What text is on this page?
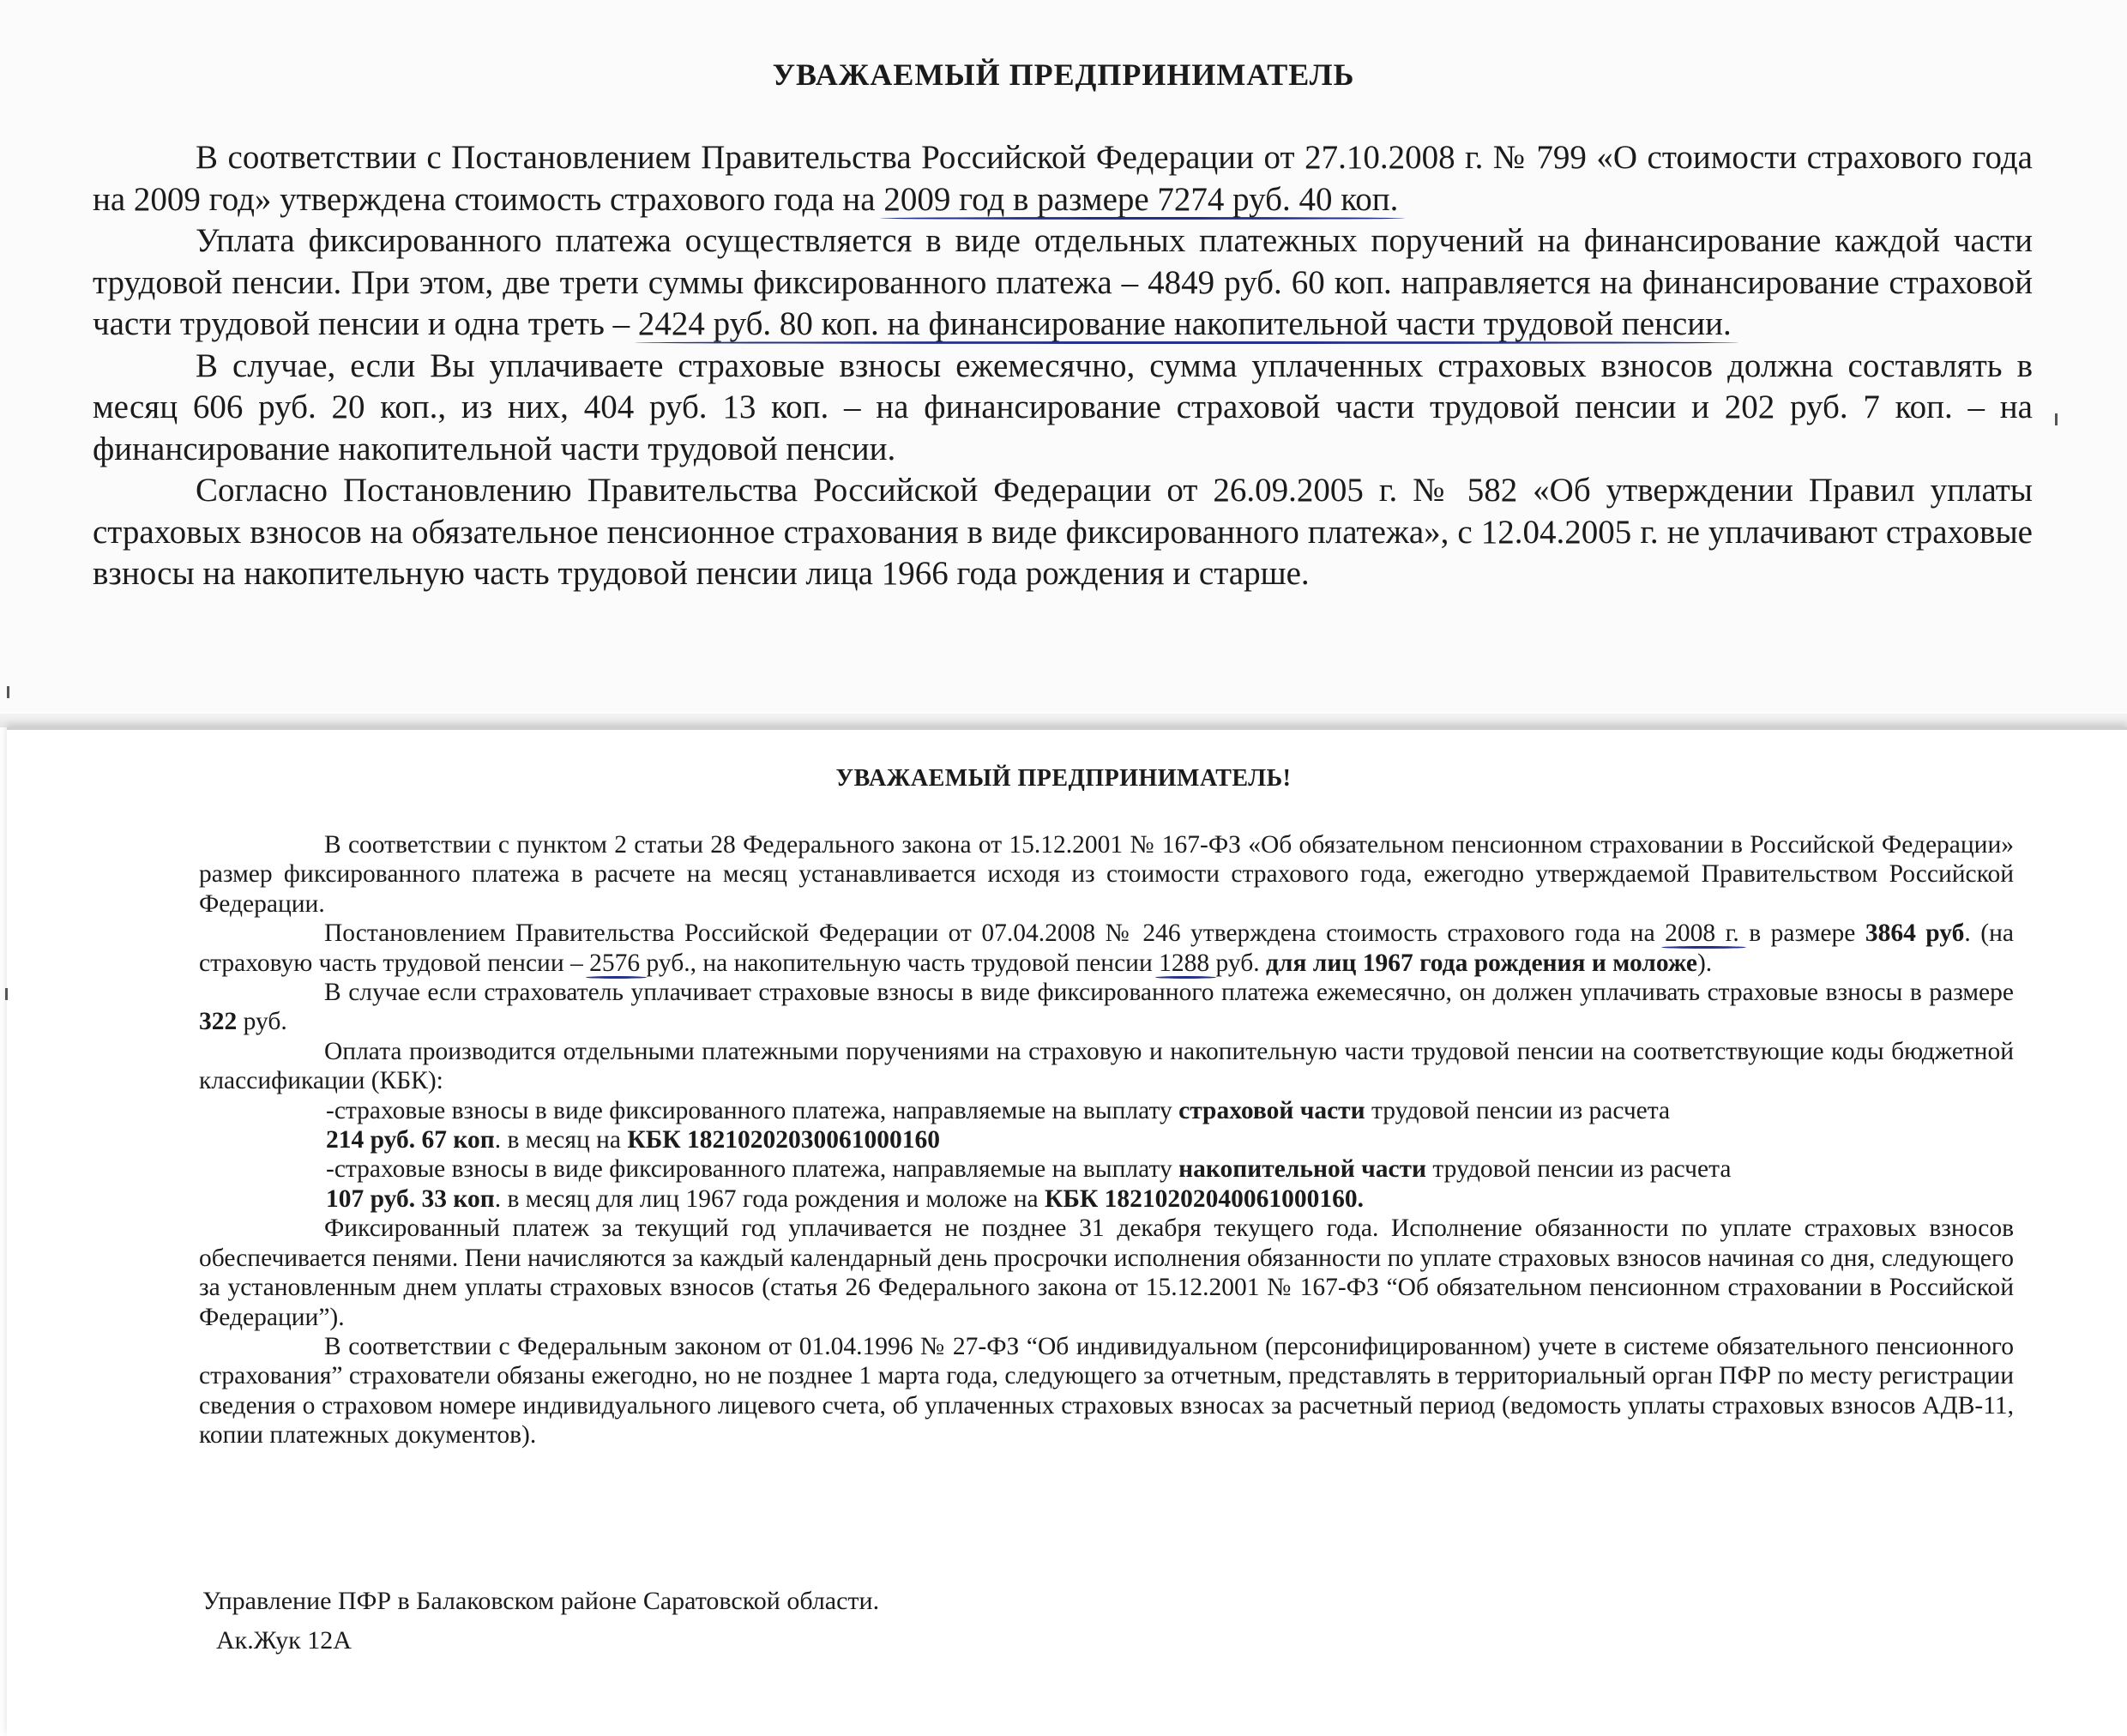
УВАЖАЕМЫЙ ПРЕДПРИНИМАТЕЛЬ

В соответствии с Постановлением Правительства Российской Федерации от 27.10.2008 г. № 799 «О стоимости страхового года на 2009 год» утверждена стоимость страхового года на 2009 год в размере 7274 руб. 40 коп.

Уплата фиксированного платежа осуществляется в виде отдельных платежных поручений на финансирование каждой части трудовой пенсии. При этом, две трети суммы фиксированного платежа – 4849 руб. 60 коп. направляется на финансирование страховой части трудовой пенсии и одна треть – 2424 руб. 80 коп. на финансирование накопительной части трудовой пенсии.

В случае, если Вы уплачиваете страховые взносы ежемесячно, сумма уплаченных страховых взносов должна составлять в месяц 606 руб. 20 коп., из них, 404 руб. 13 коп. – на финансирование страховой части трудовой пенсии и 202 руб. 7 коп. – на финансирование накопительной части трудовой пенсии.

Согласно Постановлению Правительства Российской Федерации от 26.09.2005 г. № 582 «Об утверждении Правил уплаты страховых взносов на обязательное пенсионное страхования в виде фиксированного платежа», с 12.04.2005 г. не уплачивают страховые взносы на накопительную часть трудовой пенсии лица 1966 года рождения и старше.

УВАЖАЕМЫЙ ПРЕДПРИНИМАТЕЛЬ!

В соответствии с пунктом 2 статьи 28 Федерального закона от 15.12.2001 № 167-ФЗ «Об обязательном пенсионном страховании в Российской Федерации» размер фиксированного платежа в расчете на месяц устанавливается исходя из стоимости страхового года, ежегодно утверждаемой Правительством Российской Федерации.

Постановлением Правительства Российской Федерации от 07.04.2008 № 246 утверждена стоимость страхового года на 2008 г. в размере 3864 руб. (на страховую часть трудовой пенсии – 2576 руб., на накопительную часть трудовой пенсии 1288 руб. для лиц 1967 года рождения и моложе).

В случае если страхователь уплачивает страховые взносы в виде фиксированного платежа ежемесячно, он должен уплачивать страховые взносы в размере 322 руб.

Оплата производится отдельными платежными поручениями на страховую и накопительную части трудовой пенсии на соответствующие коды бюджетной классификации (КБК):

-страховые взносы в виде фиксированного платежа, направляемые на выплату страховой части трудовой пенсии из расчета

214 руб. 67 коп. в месяц на КБК 18210202030061000160

-страховые взносы в виде фиксированного платежа, направляемые на выплату накопительной части трудовой пенсии из расчета

107 руб. 33 коп. в месяц для лиц 1967 года рождения и моложе на КБК 18210202040061000160.

Фиксированный платеж за текущий год уплачивается не позднее 31 декабря текущего года. Исполнение обязанности по уплате страховых взносов обеспечивается пенями. Пени начисляются за каждый календарный день просрочки исполнения обязанности по уплате страховых взносов начиная со дня, следующего за установленным днем уплаты страховых взносов (статья 26 Федерального закона от 15.12.2001 № 167-ФЗ “Об обязательном пенсионном страховании в Российской Федерации”).

В соответствии с Федеральным законом от 01.04.1996 № 27-ФЗ “Об индивидуальном (персонифицированном) учете в системе обязательного пенсионного страхования” страхователи обязаны ежегодно, но не позднее 1 марта года, следующего за отчетным, представлять в территориальный орган ПФР по месту регистрации сведения о страховом номере индивидуального лицевого счета, об уплаченных страховых взносах за расчетный период (ведомость уплаты страховых взносов АДВ-11, копии платежных документов).

Управление ПФР в Балаковском районе Саратовской области.
Ак.Жук 12А
